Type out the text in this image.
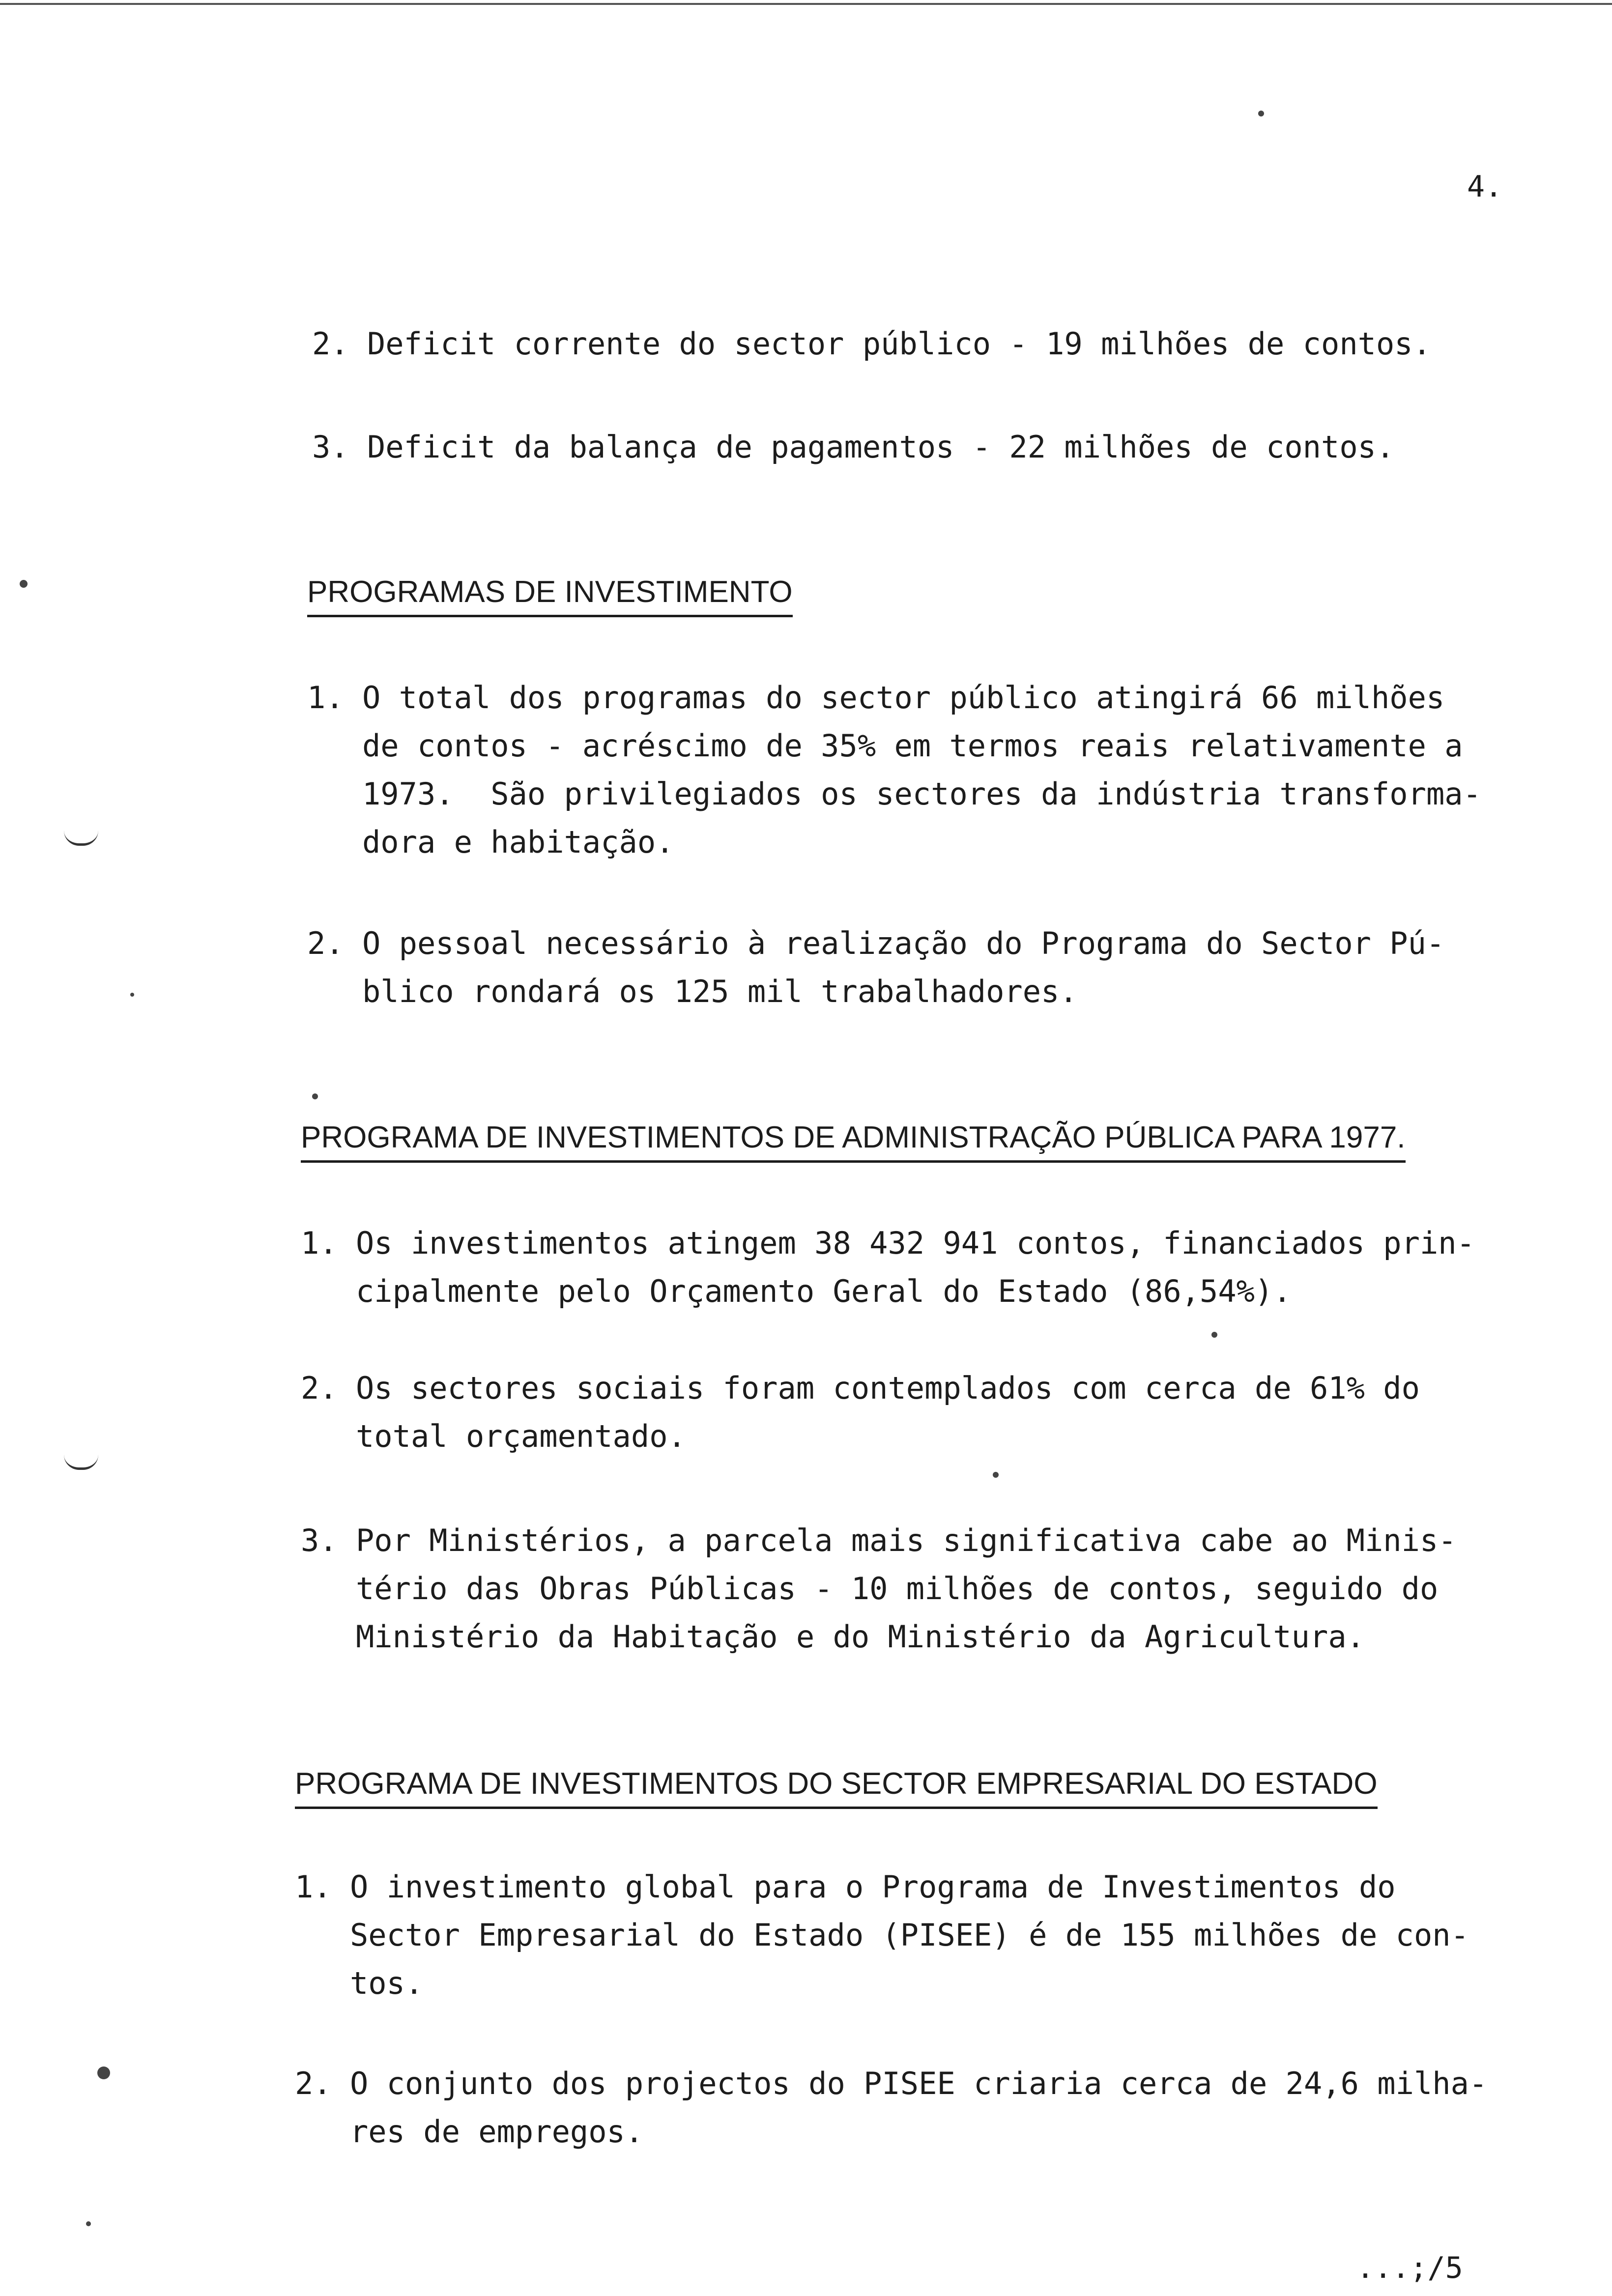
4.
2. Deficit corrente do sector público - 19 milhões de contos.
3. Deficit da balança de pagamentos - 22 milhões de contos.
PROGRAMAS DE INVESTIMENTO
1. O total dos programas do sector público atingirá 66 milhões
de contos - acréscimo de 35% em termos reais relativamente a
1973.  São privilegiados os sectores da indústria transforma-
dora e habitação.
2. O pessoal necessário à realização do Programa do Sector Pú-
blico rondará os 125 mil trabalhadores.
PROGRAMA DE INVESTIMENTOS DE ADMINISTRAÇÃO PÚBLICA PARA 1977.
1. Os investimentos atingem 38 432 941 contos, financiados prin-
cipalmente pelo Orçamento Geral do Estado (86,54%).
2. Os sectores sociais foram contemplados com cerca de 61% do
total orçamentado.
3. Por Ministérios, a parcela mais significativa cabe ao Minis-
tério das Obras Públicas - 10 milhões de contos, seguido do
Ministério da Habitação e do Ministério da Agricultura.
PROGRAMA DE INVESTIMENTOS DO SECTOR EMPRESARIAL DO ESTADO
1. O investimento global para o Programa de Investimentos do
Sector Empresarial do Estado (PISEE) é de 155 milhões de con-
tos.
2. O conjunto dos projectos do PISEE criaria cerca de 24,6 milha-
res de empregos.
...;/5
